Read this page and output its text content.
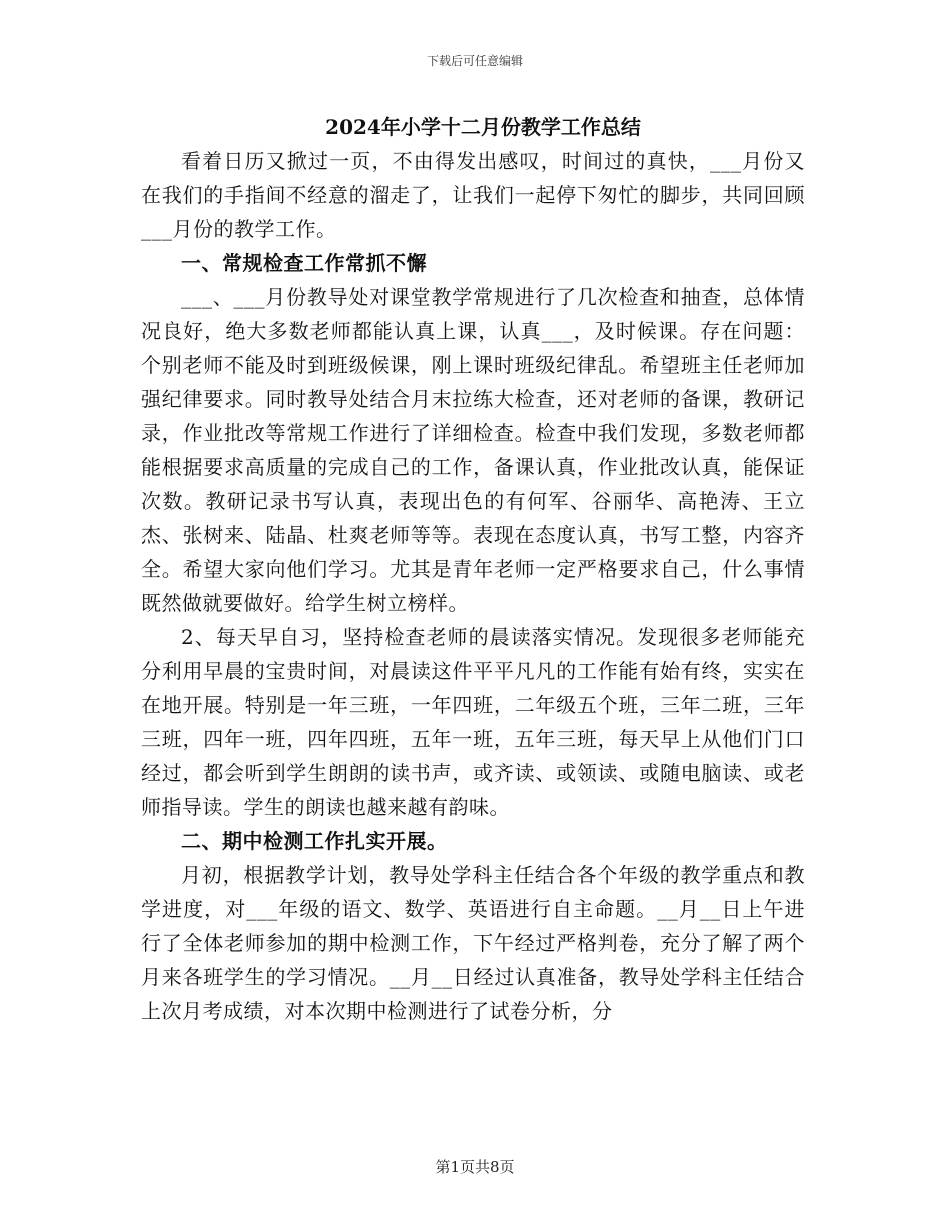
下载后可任意编辑
2024年小学十二月份教学工作总结

看着日历又掀过一页，不由得发出感叹，时间过的真快，___月份又在我们的手指间不经意的溜走了，让我们一起停下匆忙的脚步，共同回顾___月份的教学工作。

一、常规检查工作常抓不懈

___、___月份教导处对课堂教学常规进行了几次检查和抽查，总体情况良好，绝大多数老师都能认真上课，认真___，及时候课。存在问题：个别老师不能及时到班级候课，刚上课时班级纪律乱。希望班主任老师加强纪律要求。同时教导处结合月末拉练大检查，还对老师的备课，教研记录，作业批改等常规工作进行了详细检查。检查中我们发现，多数老师都能根据要求高质量的完成自己的工作，备课认真，作业批改认真，能保证次数。教研记录书写认真，表现出色的有何军、谷丽华、高艳涛、王立杰、张树来、陆晶、杜爽老师等等。表现在态度认真，书写工整，内容齐全。希望大家向他们学习。尤其是青年老师一定严格要求自己，什么事情既然做就要做好。给学生树立榜样。

2、每天早自习，坚持检查老师的晨读落实情况。发现很多老师能充分利用早晨的宝贵时间，对晨读这件平平凡凡的工作能有始有终，实实在在地开展。特别是一年三班，一年四班，二年级五个班，三年二班，三年三班，四年一班，四年四班，五年一班，五年三班，每天早上从他们门口经过，都会听到学生朗朗的读书声，或齐读、或领读、或随电脑读、或老师指导读。学生的朗读也越来越有韵味。

二、期中检测工作扎实开展。

月初，根据教学计划，教导处学科主任结合各个年级的教学重点和教学进度，对___年级的语文、数学、英语进行自主命题。__月__日上午进行了全体老师参加的期中检测工作，下午经过严格判卷，充分了解了两个月来各班学生的学习情况。__月__日经过认真准备，教导处学科主任结合上次月考成绩，对本次期中检测进行了试卷分析，分

第1页共8页
